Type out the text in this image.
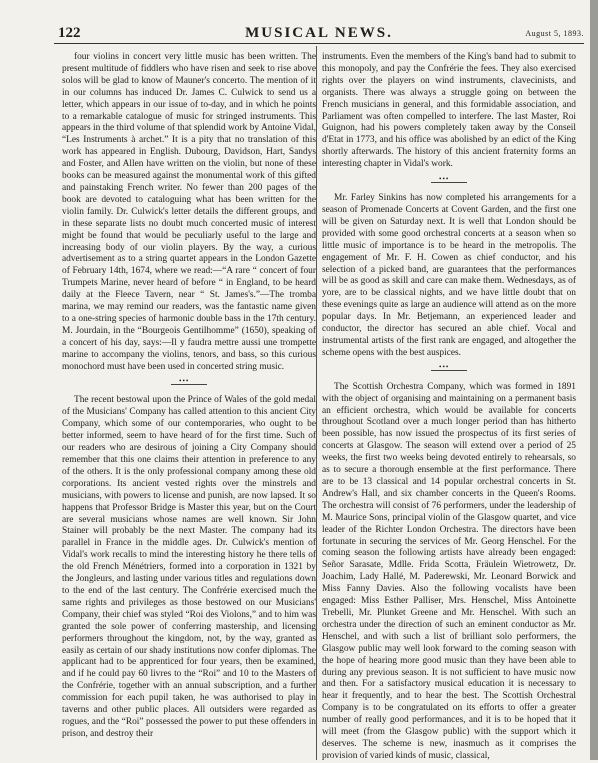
122	MUSICAL NEWS.	August 5, 1893.

four violins in concert very little music has been written. The present multitude of fiddlers who have risen and seek to rise above solos will be glad to know of Mauner's concerto. The mention of it in our columns has induced Dr. James C. Culwick to send us a letter, which appears in our issue of to-day, and in which he points to a remarkable catalogue of music for stringed instruments. This appears in the third volume of that splendid work by Antoine Vidal, “Les Instruments à archet.” It is a pity that no translation of this work has appeared in English. Dubourg, Davidson, Hart, Sandys and Foster, and Allen have written on the violin, but none of these books can be measured against the monumental work of this gifted and painstaking French writer. No fewer than 200 pages of the book are devoted to cataloguing what has been written for the violin family. Dr. Culwick's letter details the different groups, and in these separate lists no doubt much concerted music of interest might be found that would be peculiarly useful to the large and increasing body of our violin players. By the way, a curious advertisement as to a string quartet appears in the London Gazette of February 14th, 1674, where we read:—“A rare “ concert of four Trumpets Marine, never heard of before “ in England, to be heard daily at the Fleece Tavern, near “ St. James's.”—The tromba marina, we may remind our readers, was the fantastic name given to a one-string species of harmonic double bass in the 17th century. M. Jourdain, in the “Bourgeois Gentilhomme” (1650), speaking of a concert of his day, says:—Il y faudra mettre aussi une trompette marine to accompany the violins, tenors, and bass, so this curious monochord must have been used in concerted string music.

•••

The recent bestowal upon the Prince of Wales of the gold medal of the Musicians' Company has called attention to this ancient City Company, which some of our contemporaries, who ought to be better informed, seem to have heard of for the first time. Such of our readers who are desirous of joining a City Company should remember that this one claims their attention in preference to any of the others. It is the only professional company among these old corporations. Its ancient vested rights over the minstrels and musicians, with powers to license and punish, are now lapsed. It so happens that Professor Bridge is Master this year, but on the Court are several musicians whose names are well known. Sir John Stainer will probably be the next Master. The company had its parallel in France in the middle ages. Dr. Culwick's mention of Vidal's work recalls to mind the interesting history he there tells of the old French Ménétriers, formed into a corporation in 1321 by the Jongleurs, and lasting under various titles and regulations down to the end of the last century. The Confrérie exercised much the same rights and privileges as those bestowed on our Musicians' Company, their chief was styled “Roi des Violons,” and to him was granted the sole power of conferring mastership, and licensing performers throughout the kingdom, not, by the way, granted as easily as certain of our shady institutions now confer diplomas. The applicant had to be apprenticed for four years, then be examined, and if he could pay 60 livres to the “Roi” and 10 to the Masters of the Confrérie, together with an annual subscription, and a further commission for each pupil taken, he was authorised to play in taverns and other public places. All outsiders were regarded as rogues, and the “Roi” possessed the power to put these offenders in prison, and destroy their

instruments. Even the members of the King's band had to submit to this monopoly, and pay the Confrérie the fees. They also exercised rights over the players on wind instruments, clavecinists, and organists. There was always a struggle going on between the French musicians in general, and this formidable association, and Parliament was often compelled to interfere. The last Master, Roi Guignon, had his powers completely taken away by the Conseil d'Etat in 1773, and his office was abolished by an edict of the King shortly afterwards. The history of this ancient fraternity forms an interesting chapter in Vidal's work.

•••

Mr. Farley Sinkins has now completed his arrangements for a season of Promenade Concerts at Covent Garden, and the first one will be given on Saturday next. It is well that London should be provided with some good orchestral concerts at a season when so little music of importance is to be heard in the metropolis. The engagement of Mr. F. H. Cowen as chief conductor, and his selection of a picked band, are guarantees that the performances will be as good as skill and care can make them. Wednesdays, as of yore, are to be classical nights, and we have little doubt that on these evenings quite as large an audience will attend as on the more popular days. In Mr. Betjemann, an experienced leader and conductor, the director has secured an able chief. Vocal and instrumental artists of the first rank are engaged, and altogether the scheme opens with the best auspices.

•••

The Scottish Orchestra Company, which was formed in 1891 with the object of organising and maintaining on a permanent basis an efficient orchestra, which would be available for concerts throughout Scotland over a much longer period than has hitherto been possible, has now issued the prospectus of its first series of concerts at Glasgow. The season will extend over a period of 25 weeks, the first two weeks being devoted entirely to rehearsals, so as to secure a thorough ensemble at the first performance. There are to be 13 classical and 14 popular orchestral concerts in St. Andrew's Hall, and six chamber concerts in the Queen's Rooms. The orchestra will consist of 76 performers, under the leadership of M. Maurice Sons, principal violin of the Glasgow quartet, and vice leader of the Richter London Orchestra. The directors have been fortunate in securing the services of Mr. Georg Henschel. For the coming season the following artists have already been engaged: Señor Sarasate, Mdlle. Frida Scotta, Fräulein Wietrowetz, Dr. Joachim, Lady Hallé, M. Paderewski, Mr. Leonard Borwick and Miss Fanny Davies. Also the following vocalists have been engaged: Miss Esther Palliser, Mrs. Henschel, Miss Antoinette Trebelli, Mr. Plunket Greene and Mr. Henschel. With such an orchestra under the direction of such an eminent conductor as Mr. Henschel, and with such a list of brilliant solo performers, the Glasgow public may well look forward to the coming season with the hope of hearing more good music than they have been able to during any previous season. It is not sufficient to have music now and then. For a satisfactory musical education it is necessary to hear it frequently, and to hear the best. The Scottish Orchestral Company is to be congratulated on its efforts to offer a greater number of really good performances, and it is to be hoped that it will meet (from the Glasgow public) with the support which it deserves. The scheme is new, inasmuch as it comprises the provision of varied kinds of music, classical,
